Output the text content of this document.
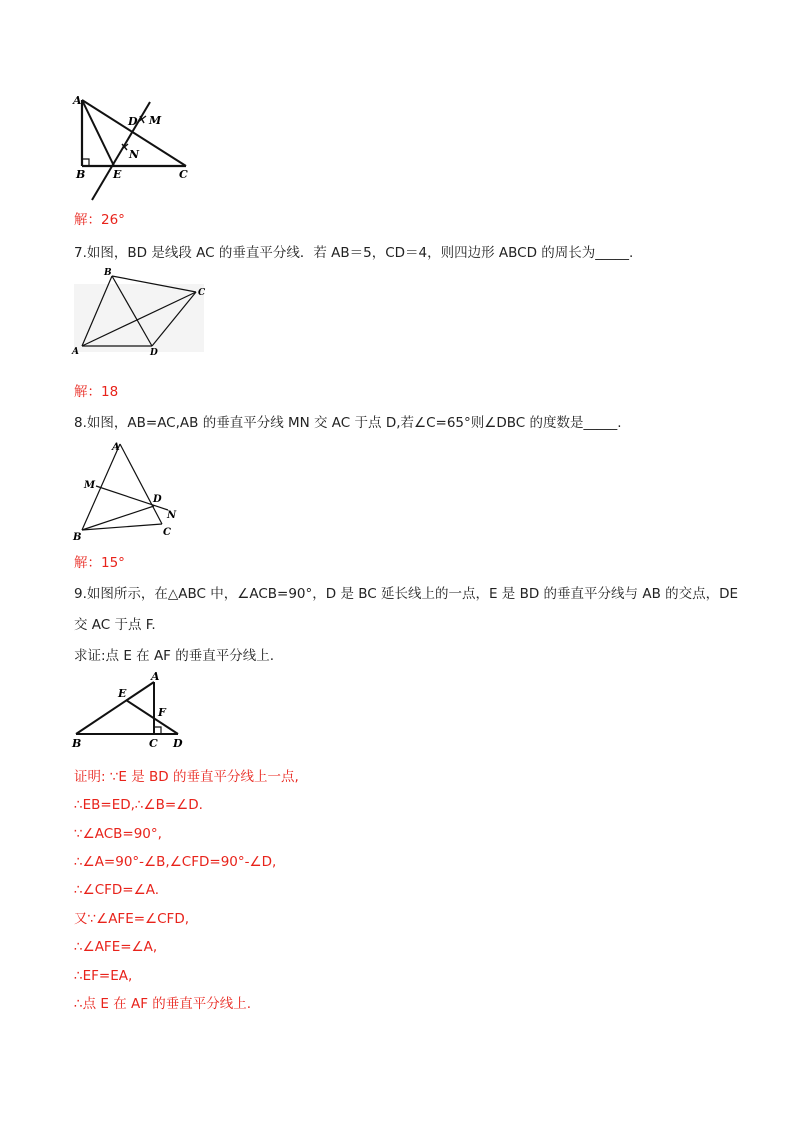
A
B	E	C
D M
N
解：26°
7.如图，BD 是线段 AC 的垂直平分线．若 AB＝5，CD＝4，则四边形 ABCD 的周长为_____.
B
C
A	D
解：18
8.如图，AB=AC,AB 的垂直平分线 MN 交 AC 于点 D,若∠C=65°则∠DBC 的度数是_____.
A
M
D
N
B	C
解：15°
9.如图所示，在△ABC 中，∠ACB=90°，D 是 BC 延长线上的一点，E 是 BD 的垂直平分线与 AB 的交点，DE
交 AC 于点 F.
求证:点 E 在 AF 的垂直平分线上.
A
E
F
B	C D
证明: ∵E 是 BD 的垂直平分线上一点,
∴EB=ED,∴∠B=∠D.
∵∠ACB=90°,
∴∠A=90°-∠B,∠CFD=90°-∠D,
∴∠CFD=∠A.
又∵∠AFE=∠CFD,
∴∠AFE=∠A,
∴EF=EA,
∴点 E 在 AF 的垂直平分线上.
